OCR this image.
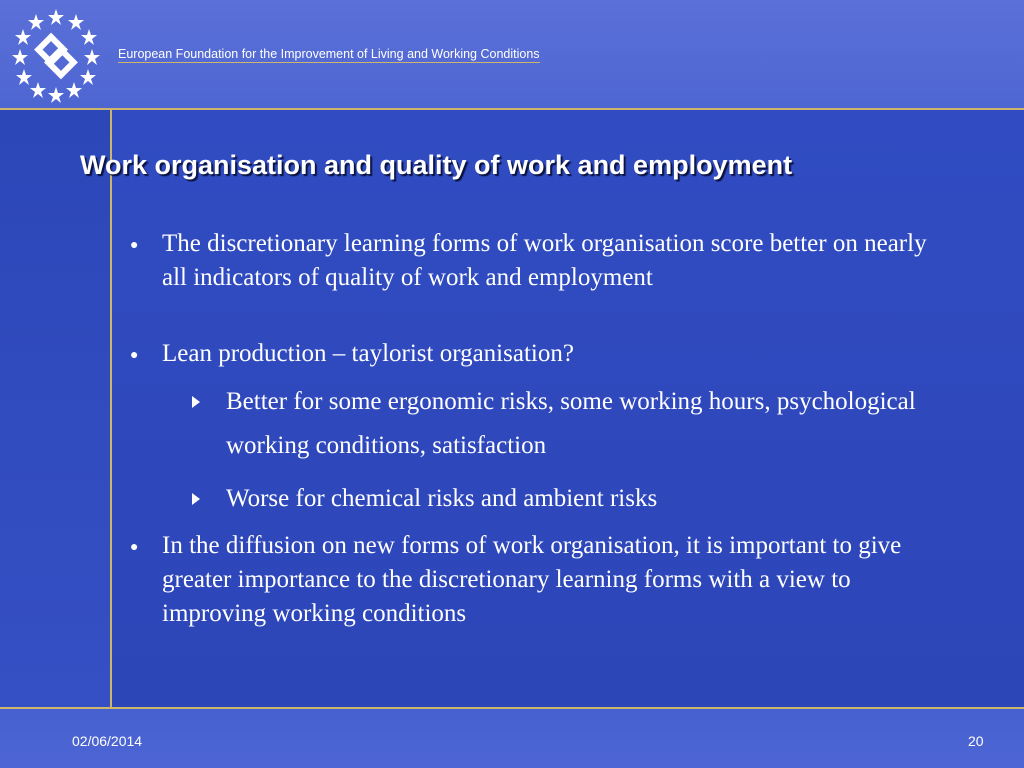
European Foundation for the Improvement of Living and Working Conditions
Work organisation and quality of work and employment
● The discretionary learning forms of work organisation score better on nearly all indicators of quality of work and employment
● Lean production – taylorist organisation?
Better for some ergonomic risks, some working hours, psychological working conditions, satisfaction
Worse for chemical risks and ambient risks
● In the diffusion on new forms of work organisation, it is important to give greater importance to the discretionary learning forms with a view to improving working conditions
02/06/2014	20
